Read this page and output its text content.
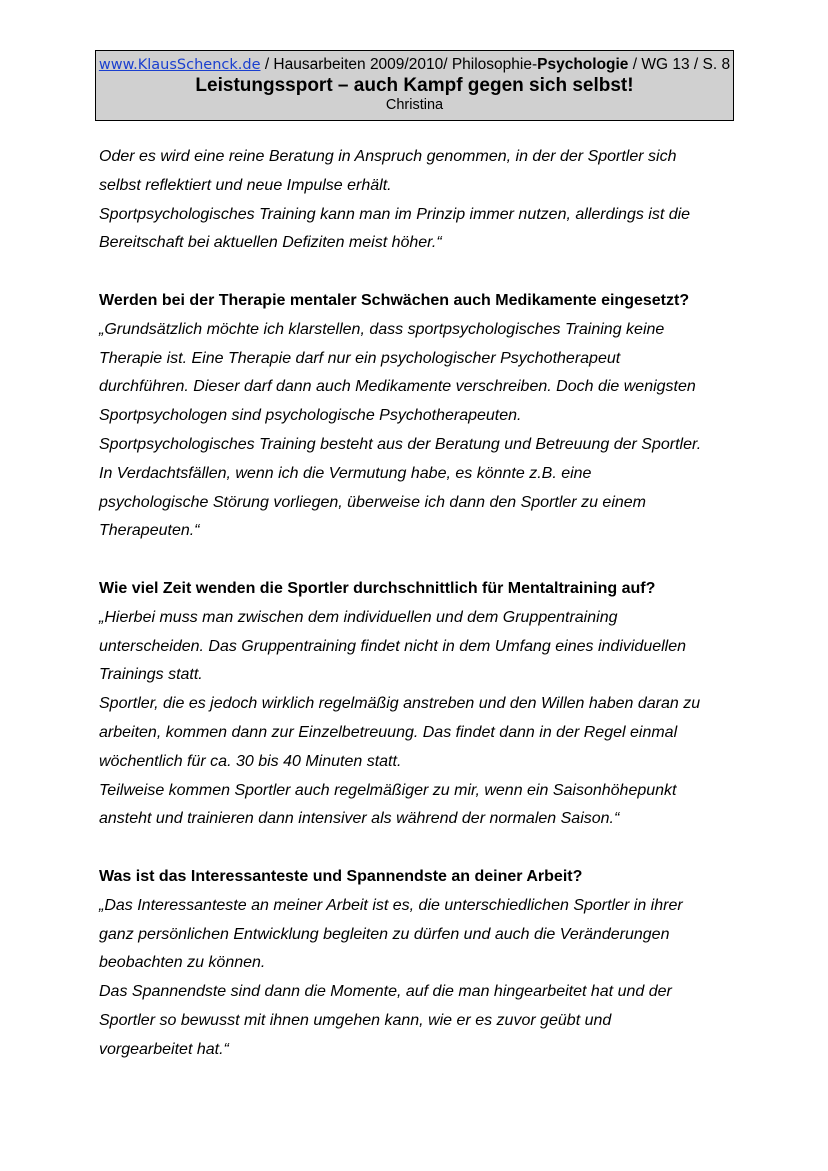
www.KlausSchenck.de / Hausarbeiten 2009/2010/ Philosophie-Psychologie / WG 13 / S. 8
Leistungssport – auch Kampf gegen sich selbst!
Christina

Oder es wird eine reine Beratung in Anspruch genommen, in der der Sportler sich

selbst reflektiert und neue Impulse erhält.

Sportpsychologisches Training kann man im Prinzip immer nutzen, allerdings ist die

Bereitschaft bei aktuellen Defiziten meist höher.“

Werden bei der Therapie mentaler Schwächen auch Medikamente eingesetzt?

„Grundsätzlich möchte ich klarstellen, dass sportpsychologisches Training keine

Therapie ist. Eine Therapie darf nur ein psychologischer Psychotherapeut

durchführen. Dieser darf dann auch Medikamente verschreiben. Doch die wenigsten

Sportpsychologen sind psychologische Psychotherapeuten.

Sportpsychologisches Training besteht aus der Beratung und Betreuung der Sportler.

In Verdachtsfällen, wenn ich die Vermutung habe, es könnte z.B. eine

psychologische Störung vorliegen, überweise ich dann den Sportler zu einem

Therapeuten.“

Wie viel Zeit wenden die Sportler durchschnittlich für Mentaltraining auf?

„Hierbei muss man zwischen dem individuellen und dem Gruppentraining

unterscheiden. Das Gruppentraining findet nicht in dem Umfang eines individuellen

Trainings statt.

Sportler, die es jedoch wirklich regelmäßig anstreben und den Willen haben daran zu

arbeiten, kommen dann zur Einzelbetreuung. Das findet dann in der Regel einmal

wöchentlich für ca. 30 bis 40 Minuten statt.

Teilweise kommen Sportler auch regelmäßiger zu mir, wenn ein Saisonhöhepunkt

ansteht und trainieren dann intensiver als während der normalen Saison.“

Was ist das Interessanteste und Spannendste an deiner Arbeit?

„Das Interessanteste an meiner Arbeit ist es, die unterschiedlichen Sportler in ihrer

ganz persönlichen Entwicklung begleiten zu dürfen und auch die Veränderungen

beobachten zu können.

Das Spannendste sind dann die Momente, auf die man hingearbeitet hat und der

Sportler so bewusst mit ihnen umgehen kann, wie er es zuvor geübt und

vorgearbeitet hat.“
